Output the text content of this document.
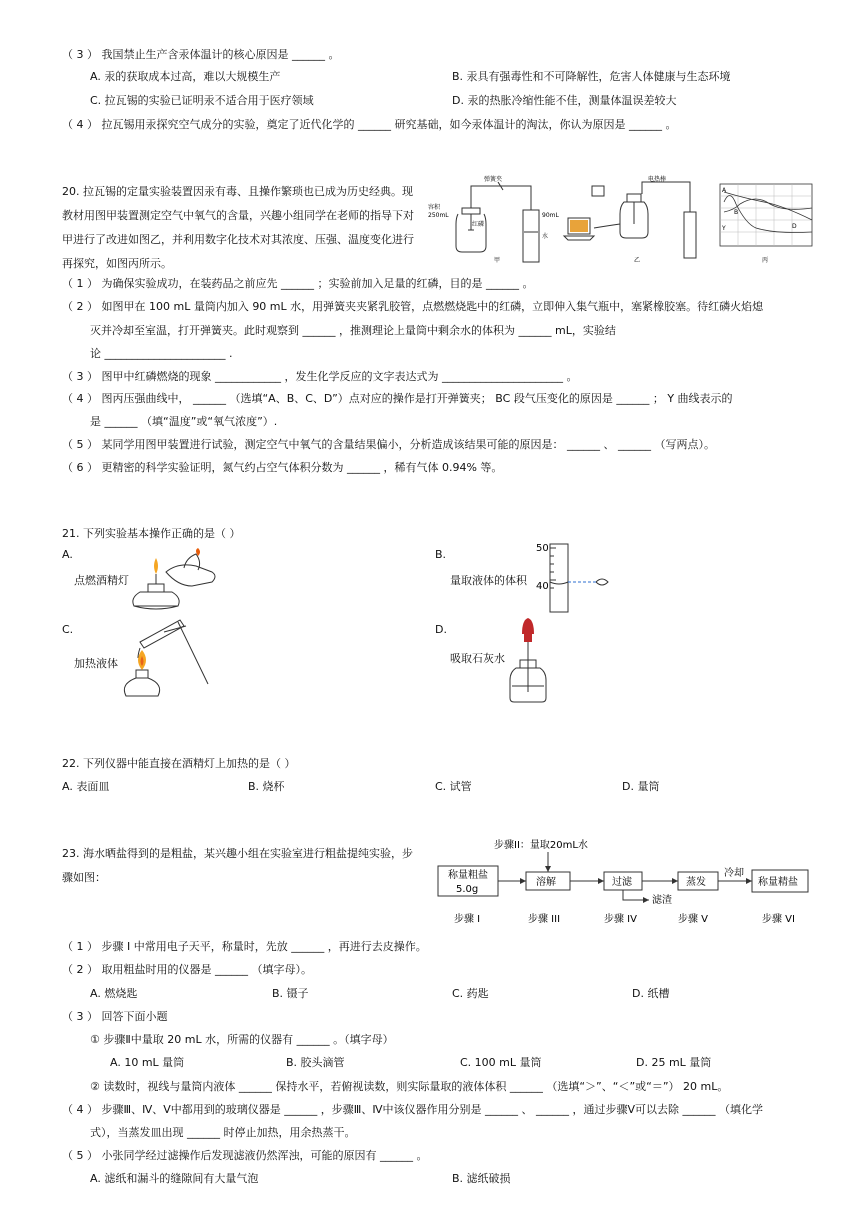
（ 3 ） 我国禁止生产含汞体温计的核心原因是 ______ 。
A. 汞的获取成本过高，难以大规模生产	B. 汞具有强毒性和不可降解性，危害人体健康与生态环境
C. 拉瓦锡的实验已证明汞不适合用于医疗领域	D. 汞的热胀冷缩性能不佳，测量体温误差较大
（ 4 ） 拉瓦锡用汞探究空气成分的实验，奠定了近代化学的 ______ 研究基础，如今汞体温计的淘汰，你认为原因是 ______ 。
20. 拉瓦锡的定量实验装置因汞有毒、且操作繁琐也已成为历史经典。现
教材用图甲装置测定空气中氧气的含量，兴趣小组同学在老师的指导下对
甲进行了改进如图乙，并利用数字化技术对其浓度、压强、温度变化进行
再探究，如图丙所示。
弹簧夹
容积
250mL
红磷
90mL
水
甲
电热棒
乙
A
B
D
Y
丙
（ 1 ） 为确保实验成功，在装药品之前应先 ______ ；实验前加入足量的红磷，目的是 ______ 。
（ 2 ） 如图甲在 100 mL 量筒内加入 90 mL 水，用弹簧夹夹紧乳胶管，点燃燃烧匙中的红磷，立即伸入集气瓶中，塞紧橡胶塞。待红磷火焰熄
灭并冷却至室温，打开弹簧夹。此时观察到 ______ ，推测理论上量筒中剩余水的体积为 ______ mL，实验结
论 ______________________ .
（ 3 ） 图甲中红磷燃烧的现象 ____________ ，发生化学反应的文字表达式为 ______________________ 。
（ 4 ） 图丙压强曲线中， ______ （选填“A、B、C、D”）点对应的操作是打开弹簧夹； BC 段气压变化的原因是 ______ ； Y 曲线表示的
是 ______ （填“温度”或“氧气浓度”）.
（ 5 ） 某同学用图甲装置进行试验，测定空气中氧气的含量结果偏小，分析造成该结果可能的原因是： ______ 、 ______ （写两点）。
（ 6 ） 更精密的科学实验证明，氮气约占空气体积分数为 ______ ，稀有气体 0.94% 等。
21. 下列实验基本操作正确的是（ ）
A.
点燃酒精灯
B.
量取液体的体积
50
40
C.
加热液体
D.
吸取石灰水
22. 下列仪器中能直接在酒精灯上加热的是（ ）
A. 表面皿	B. 烧杯	C. 试管	D. 量筒
23. 海水晒盐得到的是粗盐，某兴趣小组在实验室进行粗盐提纯实验，步
骤如图：
步骤II：量取20mL水
称量粗盐
5.0g
溶解	过滤	蒸发	称量精盐
冷却
滤渣
步骤 I	步骤 III	步骤 IV	步骤 V	步骤 VI
（ 1 ） 步骤 I 中常用电子天平，称量时，先放 ______ ，再进行去皮操作。
（ 2 ） 取用粗盐时用的仪器是 ______ （填字母）。
A. 燃烧匙	B. 镊子	C. 药匙	D. 纸槽
（ 3 ） 回答下面小题
① 步骤Ⅱ中量取 20 mL 水，所需的仪器有 ______ 。（填字母）
A. 10 mL 量筒	B. 胶头滴管	C. 100 mL 量筒	D. 25 mL 量筒
② 读数时，视线与量筒内液体 ______ 保持水平，若俯视读数，则实际量取的液体体积 ______ （选填“＞”、“＜”或“＝”） 20 mL。
（ 4 ） 步骤Ⅲ、Ⅳ、Ⅴ中都用到的玻璃仪器是 ______ ，步骤Ⅲ、Ⅳ中该仪器作用分别是 ______ 、 ______ ，通过步骤Ⅴ可以去除 ______ （填化学
式），当蒸发皿出现 ______ 时停止加热，用余热蒸干。
（ 5 ） 小张同学经过滤操作后发现滤液仍然浑浊，可能的原因有 ______ 。
A. 滤纸和漏斗的缝隙间有大量气泡	B. 滤纸破损
